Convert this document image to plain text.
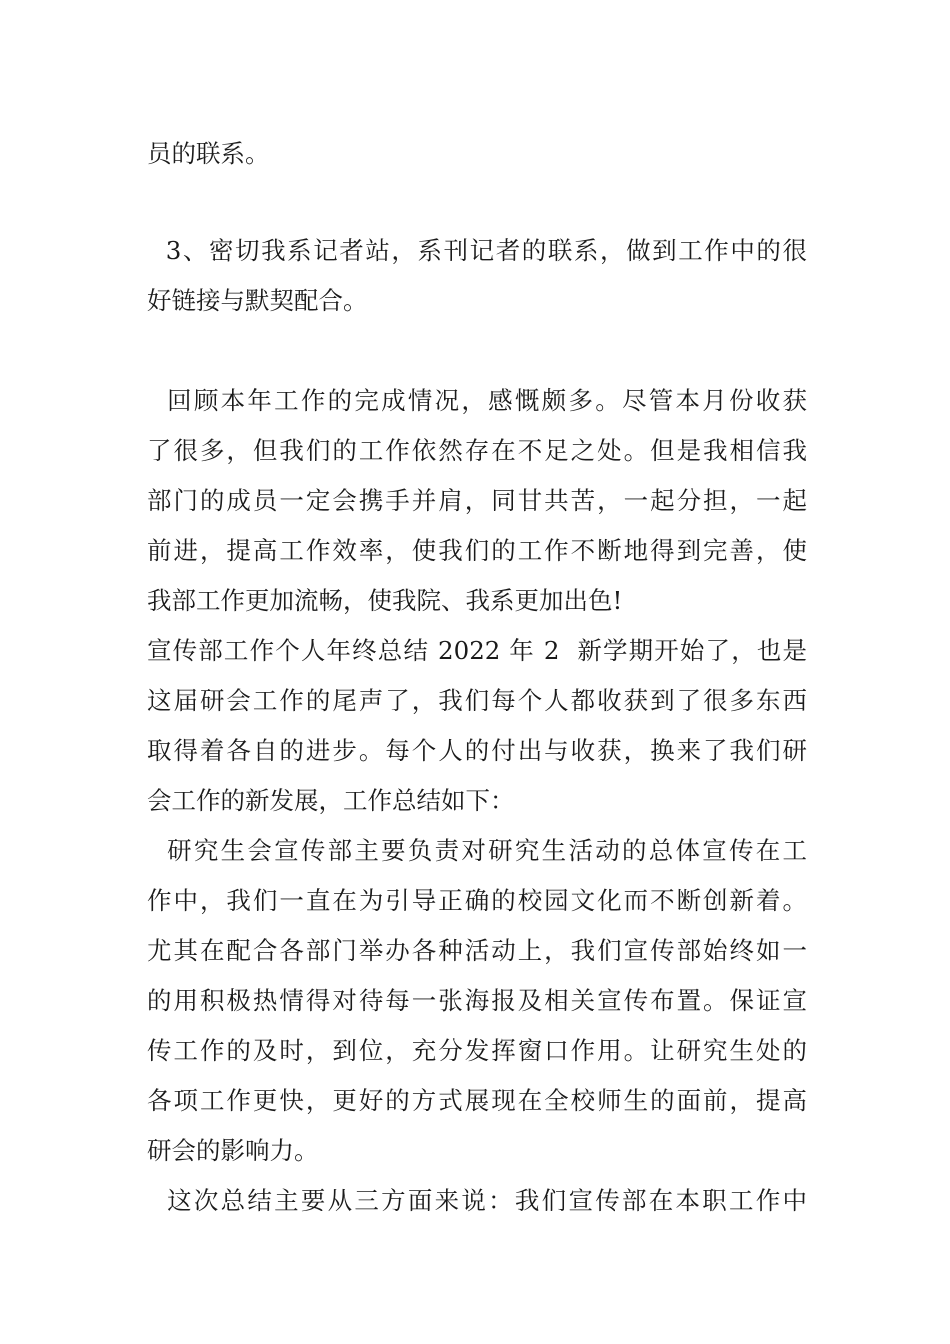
员的联系。
3、密切我系记者站，系刊记者的联系，做到工作中的很
好链接与默契配合。
回顾本年工作的完成情况，感慨颇多。尽管本月份收获
了很多，但我们的工作依然存在不足之处。但是我相信我
部门的成员一定会携手并肩，同甘共苦，一起分担，一起
前进，提高工作效率，使我们的工作不断地得到完善，使
我部工作更加流畅，使我院、我系更加出色!
宣传部工作个人年终总结 2022 年 2  新学期开始了，也是
这届研会工作的尾声了，我们每个人都收获到了很多东西
取得着各自的进步。每个人的付出与收获，换来了我们研
会工作的新发展，工作总结如下：
研究生会宣传部主要负责对研究生活动的总体宣传在工
作中，我们一直在为引导正确的校园文化而不断创新着。
尤其在配合各部门举办各种活动上，我们宣传部始终如一
的用积极热情得对待每一张海报及相关宣传布置。保证宣
传工作的及时，到位，充分发挥窗口作用。让研究生处的
各项工作更快，更好的方式展现在全校师生的面前，提高
研会的影响力。
这次总结主要从三方面来说：我们宣传部在本职工作中
